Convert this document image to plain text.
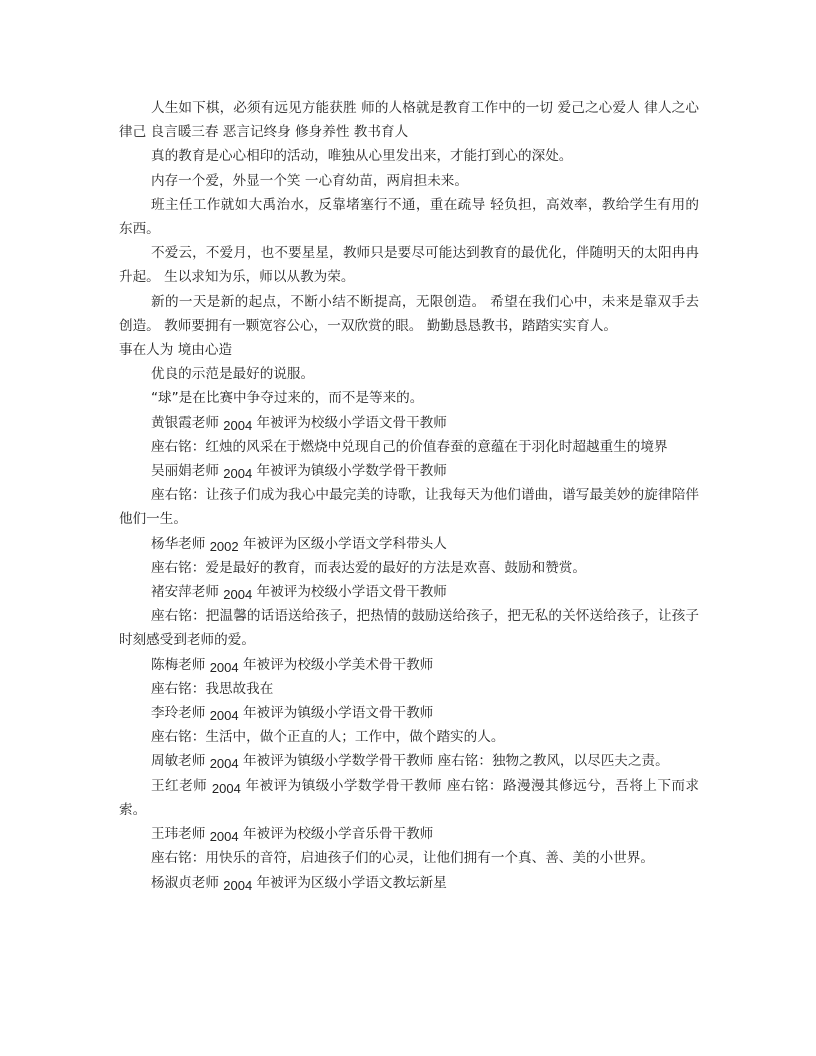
人生如下棋，必须有远见方能获胜 师的人格就是教育工作中的一切 爱己之心爱人 律人之心律己 良言暖三春 恶言记终身 修身养性 教书育人

真的教育是心心相印的活动，唯独从心里发出来，才能打到心的深处。

内存一个爱，外显一个笑 一心育幼苗，两肩担未来。

班主任工作就如大禹治水，反靠堵塞行不通，重在疏导 轻负担，高效率，教给学生有用的东西。

不爱云，不爱月，也不要星星，教师只是要尽可能达到教育的最优化，伴随明天的太阳冉冉升起。 生以求知为乐，师以从教为荣。

新的一天是新的起点，不断小结不断提高，无限创造。 希望在我们心中，未来是靠双手去创造。 教师要拥有一颗宽容公心，一双欣赏的眼。 勤勤恳恳教书，踏踏实实育人。

事在人为 境由心造

优良的示范是最好的说服。

“球”是在比赛中争夺过来的，而不是等来的。

黄银霞老师 2004 年被评为校级小学语文骨干教师

座右铭：红烛的风采在于燃烧中兑现自己的价值春蚕的意蕴在于羽化时超越重生的境界

吴丽娟老师 2004 年被评为镇级小学数学骨干教师

座右铭：让孩子们成为我心中最完美的诗歌，让我每天为他们谱曲，谱写最美妙的旋律陪伴 他们一生。

杨华老师 2002 年被评为区级小学语文学科带头人

座右铭：爱是最好的教育，而表达爱的最好的方法是欢喜、鼓励和赞赏。

褚安萍老师 2004 年被评为校级小学语文骨干教师

座右铭：把温馨的话语送给孩子，把热情的鼓励送给孩子，把无私的关怀送给孩子，让孩子时刻感受到老师的爱。

陈梅老师 2004 年被评为校级小学美术骨干教师

座右铭：我思故我在

李玲老师 2004 年被评为镇级小学语文骨干教师

座右铭：生活中，做个正直的人；工作中，做个踏实的人。

周敏老师 2004 年被评为镇级小学数学骨干教师 座右铭：独物之教风，以尽匹夫之责。

王红老师 2004 年被评为镇级小学数学骨干教师 座右铭：路漫漫其修远兮，吾将上下而求索。

王玮老师 2004 年被评为校级小学音乐骨干教师

座右铭：用快乐的音符，启迪孩子们的心灵，让他们拥有一个真、善、美的小世界。

杨淑贞老师 2004 年被评为区级小学语文教坛新星
